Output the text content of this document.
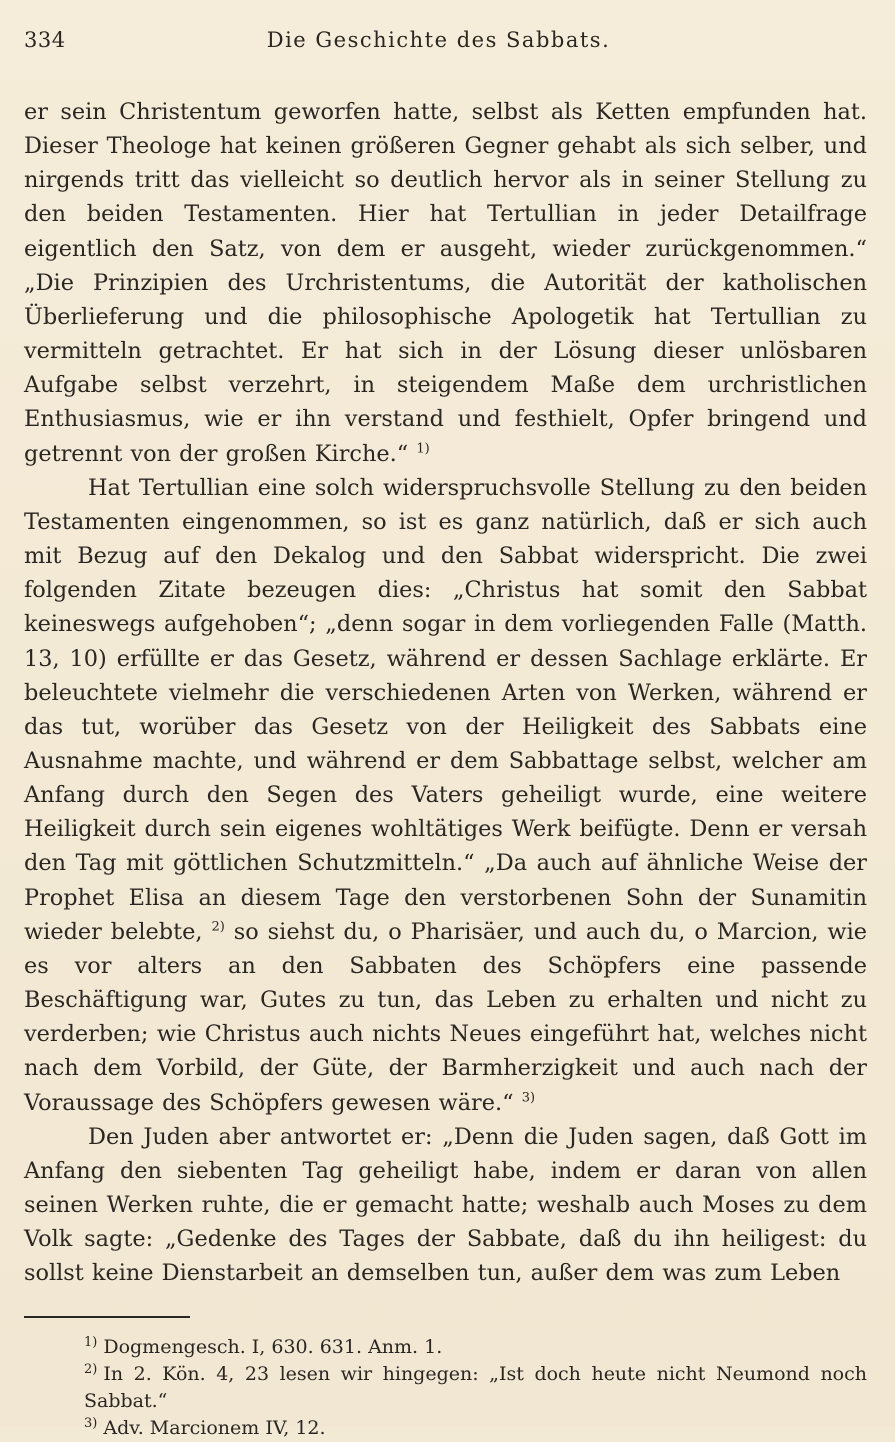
334	Die Geschichte des Sabbats.

er sein Christentum geworfen hatte, selbst als Ketten empfunden hat. Dieser Theologe hat keinen größeren Gegner gehabt als sich selber, und nirgends tritt das vielleicht so deutlich hervor als in seiner Stellung zu den beiden Testamenten. Hier hat Tertullian in jeder Detailfrage eigentlich den Satz, von dem er ausgeht, wieder zurückgenommen.“ „Die Prinzipien des Urchristentums, die Autorität der katholischen Überlieferung und die philosophische Apologetik hat Tertullian zu vermitteln getrachtet. Er hat sich in der Lösung dieser unlösbaren Aufgabe selbst verzehrt, in steigendem Maße dem urchristlichen Enthusiasmus, wie er ihn verstand und festhielt, Opfer bringend und getrennt von der großen Kirche.“ $^{1)}$

Hat Tertullian eine solch widerspruchsvolle Stellung zu den beiden Testamenten eingenommen, so ist es ganz natürlich, daß er sich auch mit Bezug auf den Dekalog und den Sabbat widerspricht. Die zwei folgenden Zitate bezeugen dies: „Christus hat somit den Sabbat keineswegs aufgehoben“; „denn sogar in dem vorliegenden Falle (Matth. 13, 10) erfüllte er das Gesetz, während er dessen Sachlage erklärte. Er beleuchtete vielmehr die verschiedenen Arten von Werken, während er das tut, worüber das Gesetz von der Heiligkeit des Sabbats eine Ausnahme machte, und während er dem Sabbattage selbst, welcher am Anfang durch den Segen des Vaters geheiligt wurde, eine weitere Heiligkeit durch sein eigenes wohltätiges Werk beifügte. Denn er versah den Tag mit göttlichen Schutzmitteln.“ „Da auch auf ähnliche Weise der Prophet Elisa an diesem Tage den verstorbenen Sohn der Sunamitin wieder belebte, $^{2)}$ so siehst du, o Pharisäer, und auch du, o Marcion, wie es vor alters an den Sabbaten des Schöpfers eine passende Beschäftigung war, Gutes zu tun, das Leben zu erhalten und nicht zu verderben; wie Christus auch nichts Neues eingeführt hat, welches nicht nach dem Vorbild, der Güte, der Barmherzigkeit und auch nach der Voraussage des Schöpfers gewesen wäre.“ $^{3)}$

Den Juden aber antwortet er: „Denn die Juden sagen, daß Gott im Anfang den siebenten Tag geheiligt habe, indem er daran von allen seinen Werken ruhte, die er gemacht hatte; weshalb auch Moses zu dem Volk sagte: „Gedenke des Tages der Sabbate, daß du ihn heiligest: du sollst keine Dienstarbeit an demselben tun, außer dem was zum Leben

$^{1)}$ Dogmengesch. I, 630. 631. Anm. 1.
$^{2)}$ In 2. Kön. 4, 23 lesen wir hingegen: „Ist doch heute nicht Neumond noch Sabbat.“
$^{3)}$ Adv. Marcionem IV, 12.
